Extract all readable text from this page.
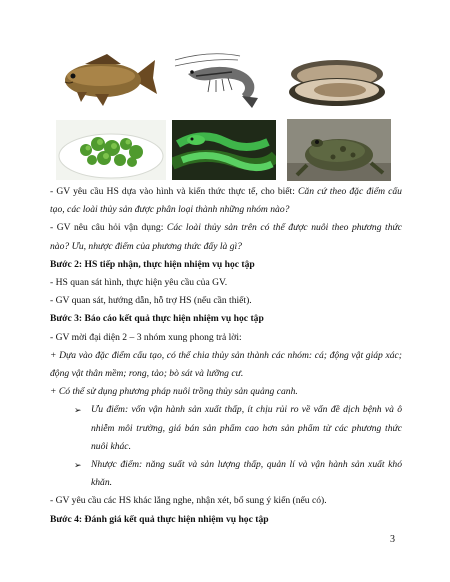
- GV yêu cầu HS dựa vào hình và kiến thức thực tế, cho biết: Căn cứ theo đặc điểm cấu tạo, các loài thủy sản được phân loại thành những nhóm nào?

- GV nêu câu hỏi vận dụng: Các loài thủy sản trên có thể được nuôi theo phương thức nào? Ưu, nhược điểm của phương thức đấy là gì?

Bước 2: HS tiếp nhận, thực hiện nhiệm vụ học tập

- HS quan sát hình, thực hiện yêu cầu của GV.

- GV quan sát, hướng dẫn, hỗ trợ HS (nếu cần thiết).

Bước 3: Báo cáo kết quả thực hiện nhiệm vụ học tập

- GV mời đại diện 2 – 3 nhóm xung phong trả lời:

+ Dựa vào đặc điểm cấu tạo, có thể chia thủy sản thành các nhóm: cá; động vật giáp xác; động vật thân mềm; rong, tảo; bò sát và lưỡng cư.

+ Có thể sử dụng phương pháp nuôi trồng thủy sản quảng canh.

➢ Ưu điểm: vốn vận hành sản xuất thấp, ít chịu rủi ro về vấn đề dịch bệnh và ô nhiễm môi trường, giá bán sản phẩm cao hơn sản phẩm từ các phương thức nuôi khác.

➢ Nhược điểm: năng suất và sản lượng thấp, quản lí và vận hành sản xuất khó khăn.

- GV yêu cầu các HS khác lắng nghe, nhận xét, bổ sung ý kiến (nếu có).

Bước 4: Đánh giá kết quả thực hiện nhiệm vụ học tập

3
